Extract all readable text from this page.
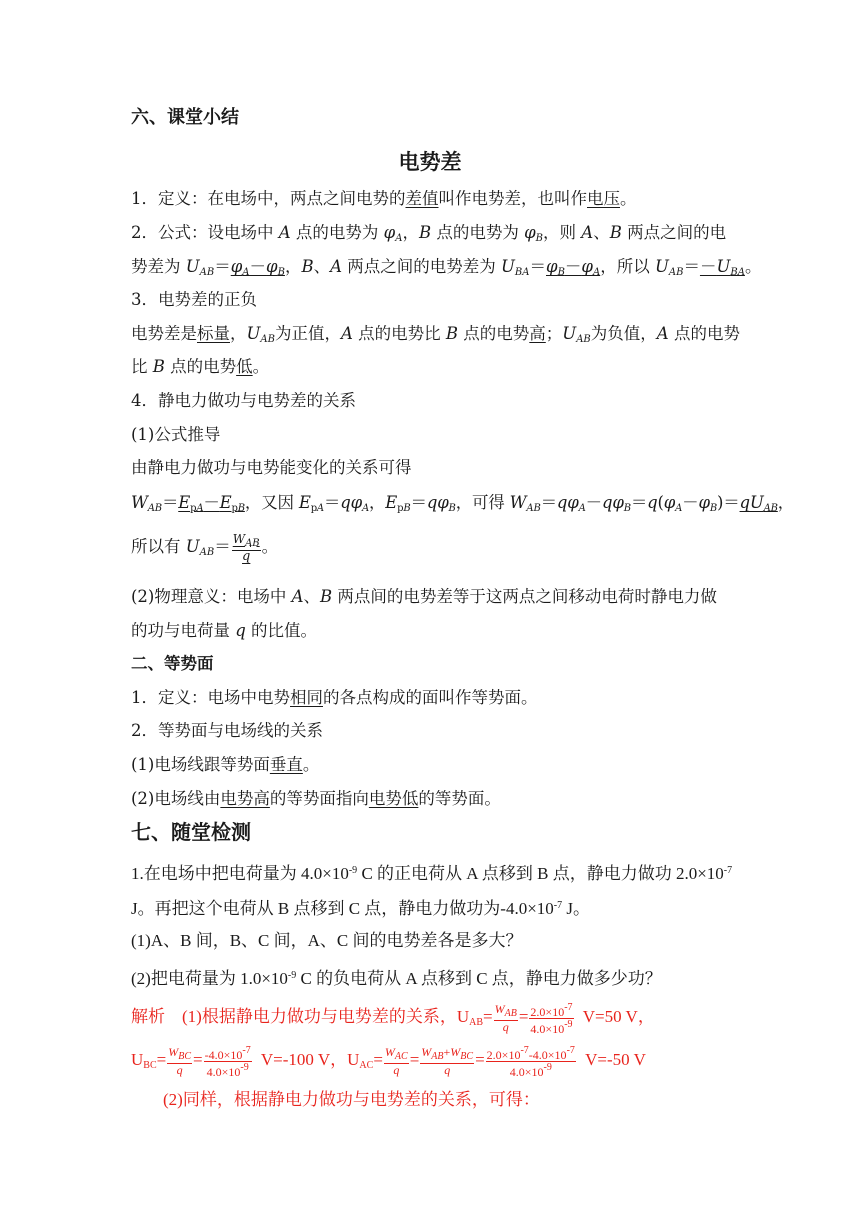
六、课堂小结
电势差
1．定义：在电场中，两点之间电势的差值叫作电势差，也叫作电压。
2．公式：设电场中 A 点的电势为 $\varphi_A$，B 点的电势为 $\varphi_B$，则 A、B 两点之间的电
势差为 $U_{AB}=\varphi_A-\varphi_B$，B、A 两点之间的电势差为 $U_{BA}=\varphi_B-\varphi_A$，所以 $U_{AB}=-U_{BA}$。
3．电势差的正负
电势差是标量，$U_{AB}$为正值，A 点的电势比 B 点的电势高；$U_{AB}$为负值，A 点的电势
比 B 点的电势低。
4．静电力做功与电势差的关系
(1)公式推导
由静电力做功与电势能变化的关系可得
$W_{AB}=E_{pA}-E_{pB}$，又因 $E_{pA}=q\varphi_A$，$E_{pB}=q\varphi_B$，可得 $W_{AB}=q\varphi_A-q\varphi_B=q(\varphi_A-\varphi_B)=qU_{AB}$，
所以有 $U_{AB}= \frac{W_{AB}}{q}$ 。
(2)物理意义：电场中 A、B 两点间的电势差等于这两点之间移动电荷时静电力做
的功与电荷量 q 的比值。
二、等势面
1．定义：电场中电势相同的各点构成的面叫作等势面。
2．等势面与电场线的关系
(1)电场线跟等势面垂直。
(2)电场线由电势高的等势面指向电势低的等势面。
七、随堂检测
1.在电场中把电荷量为 $4.0\times 10^{-9}$ C 的正电荷从 A 点移到 B 点，静电力做功 $2.0\times 10^{-7}$
J。再把这个电荷从 B 点移到 C 点，静电力做功为$-4.0\times 10^{-7}$ J。
(1)A、B 间，B、C 间，A、C 间的电势差各是多大？
(2)把电荷量为 $1.0\times 10^{-9}$ C 的负电荷从 A 点移到 C 点，静电力做多少功？
解析　(1)根据静电力做功与电势差的关系，$U_{AB}= \frac{W_{AB}}{q} = \frac{2.0\times 10^{-7}}{4.0\times 10^{-9}} V=50$ V，
$U_{BC}= \frac{W_{BC}}{q} = \frac{-4.0\times 10^{-7}}{4.0\times 10^{-9}} V=-100$ V，$U_{AC}= \frac{W_{AC}}{q} = \frac{W_{AB}+W_{BC}}{q} = \frac{2.0\times 10^{-7}-4.0\times 10^{-7}}{4.0\times 10^{-9}} V=-50$ V
(2)同样，根据静电力做功与电势差的关系，可得：
